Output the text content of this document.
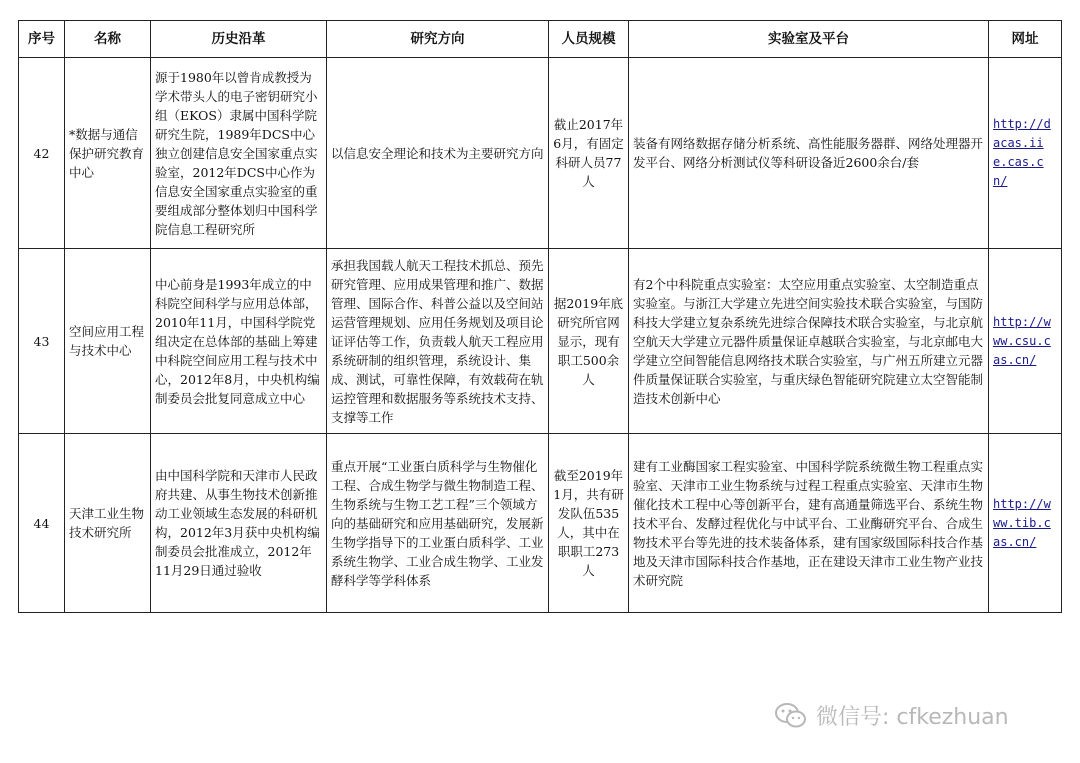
序号	名称	历史沿革	研究方向	人员规模	实验室及平台	网址
42	*数据与通信保护研究教育中心	源于1980年以曾肯成教授为学术带头人的电子密钥研究小组（EKOS）隶属中国科学院研究生院，1989年DCS中心独立创建信息安全国家重点实验室，2012年DCS中心作为信息安全国家重点实验室的重要组成部分整体划归中国科学院信息工程研究所	以信息安全理论和技术为主要研究方向	截止2017年6月，有固定科研人员77人	装备有网络数据存储分析系统、高性能服务器群、网络处理器开发平台、网络分析测试仪等科研设备近2600余台/套	http://dacas.iie.cas.cn/
43	空间应用工程与技术中心	中心前身是1993年成立的中科院空间科学与应用总体部，2010年11月，中国科学院党组决定在总体部的基础上筹建中科院空间应用工程与技术中心，2012年8月，中央机构编制委员会批复同意成立中心	承担我国载人航天工程技术抓总、预先研究管理、应用成果管理和推广、数据管理、国际合作、科普公益以及空间站运营管理规划、应用任务规划及项目论证评估等工作，负责载人航天工程应用系统研制的组织管理，系统设计、集成、测试，可靠性保障，有效载荷在轨运控管理和数据服务等系统技术支持、支撑等工作	据2019年底研究所官网显示，现有职工500余人	有2个中科院重点实验室：太空应用重点实验室、太空制造重点实验室。与浙江大学建立先进空间实验技术联合实验室，与国防科技大学建立复杂系统先进综合保障技术联合实验室，与北京航空航天大学建立元器件质量保证卓越联合实验室，与北京邮电大学建立空间智能信息网络技术联合实验室，与广州五所建立元器件质量保证联合实验室，与重庆绿色智能研究院建立太空智能制造技术创新中心	http://www.csu.cas.cn/
44	天津工业生物技术研究所	由中国科学院和天津市人民政府共建、从事生物技术创新推动工业领域生态发展的科研机构，2012年3月获中央机构编制委员会批准成立，2012年11月29日通过验收	重点开展“工业蛋白质科学与生物催化工程、合成生物学与微生物制造工程、生物系统与生物工艺工程”三个领域方向的基础研究和应用基础研究，发展新生物学指导下的工业蛋白质科学、工业系统生物学、工业合成生物学、工业发酵科学等学科体系	截至2019年1月，共有研发队伍535人，其中在职职工273人	建有工业酶国家工程实验室、中国科学院系统微生物工程重点实验室、天津市工业生物系统与过程工程重点实验室、天津市生物催化技术工程中心等创新平台，建有高通量筛选平台、系统生物技术平台、发酵过程优化与中试平台、工业酶研究平台、合成生物技术平台等先进的技术装备体系，建有国家级国际科技合作基地及天津市国际科技合作基地，正在建设天津市工业生物产业技术研究院	http://www.tib.cas.cn/
微信号: cfkezhuan
